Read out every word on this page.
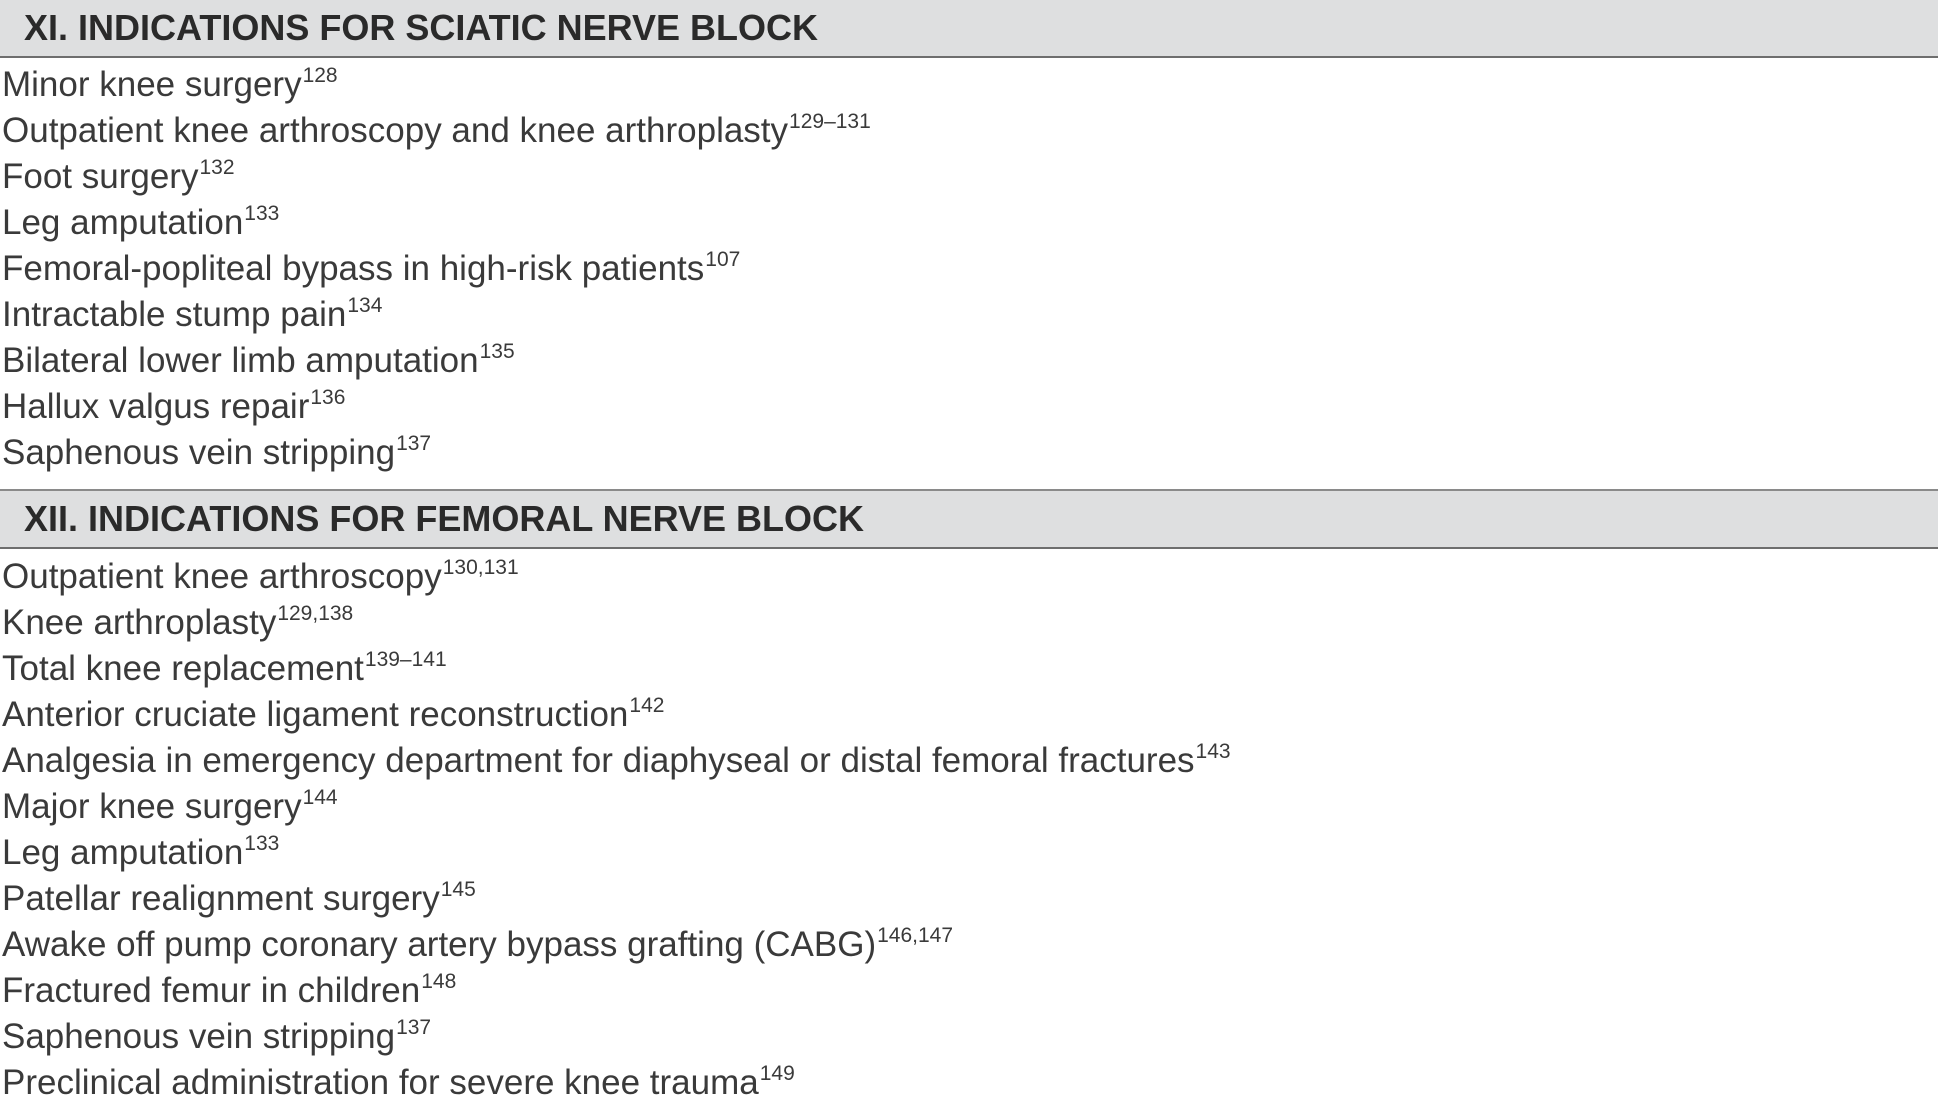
XI. INDICATIONS FOR SCIATIC NERVE BLOCK
Minor knee surgery$^{128}$
Outpatient knee arthroscopy and knee arthroplasty$^{129-131}$
Foot surgery$^{132}$
Leg amputation$^{133}$
Femoral-popliteal bypass in high-risk patients$^{107}$
Intractable stump pain$^{134}$
Bilateral lower limb amputation$^{135}$
Hallux valgus repair$^{136}$
Saphenous vein stripping$^{137}$
XII. INDICATIONS FOR FEMORAL NERVE BLOCK
Outpatient knee arthroscopy$^{130,131}$
Knee arthroplasty$^{129,138}$
Total knee replacement$^{139-141}$
Anterior cruciate ligament reconstruction$^{142}$
Analgesia in emergency department for diaphyseal or distal femoral fractures$^{143}$
Major knee surgery$^{144}$
Leg amputation$^{133}$
Patellar realignment surgery$^{145}$
Awake off pump coronary artery bypass grafting (CABG)$^{146,147}$
Fractured femur in children$^{148}$
Saphenous vein stripping$^{137}$
Preclinical administration for severe knee trauma$^{149}$
